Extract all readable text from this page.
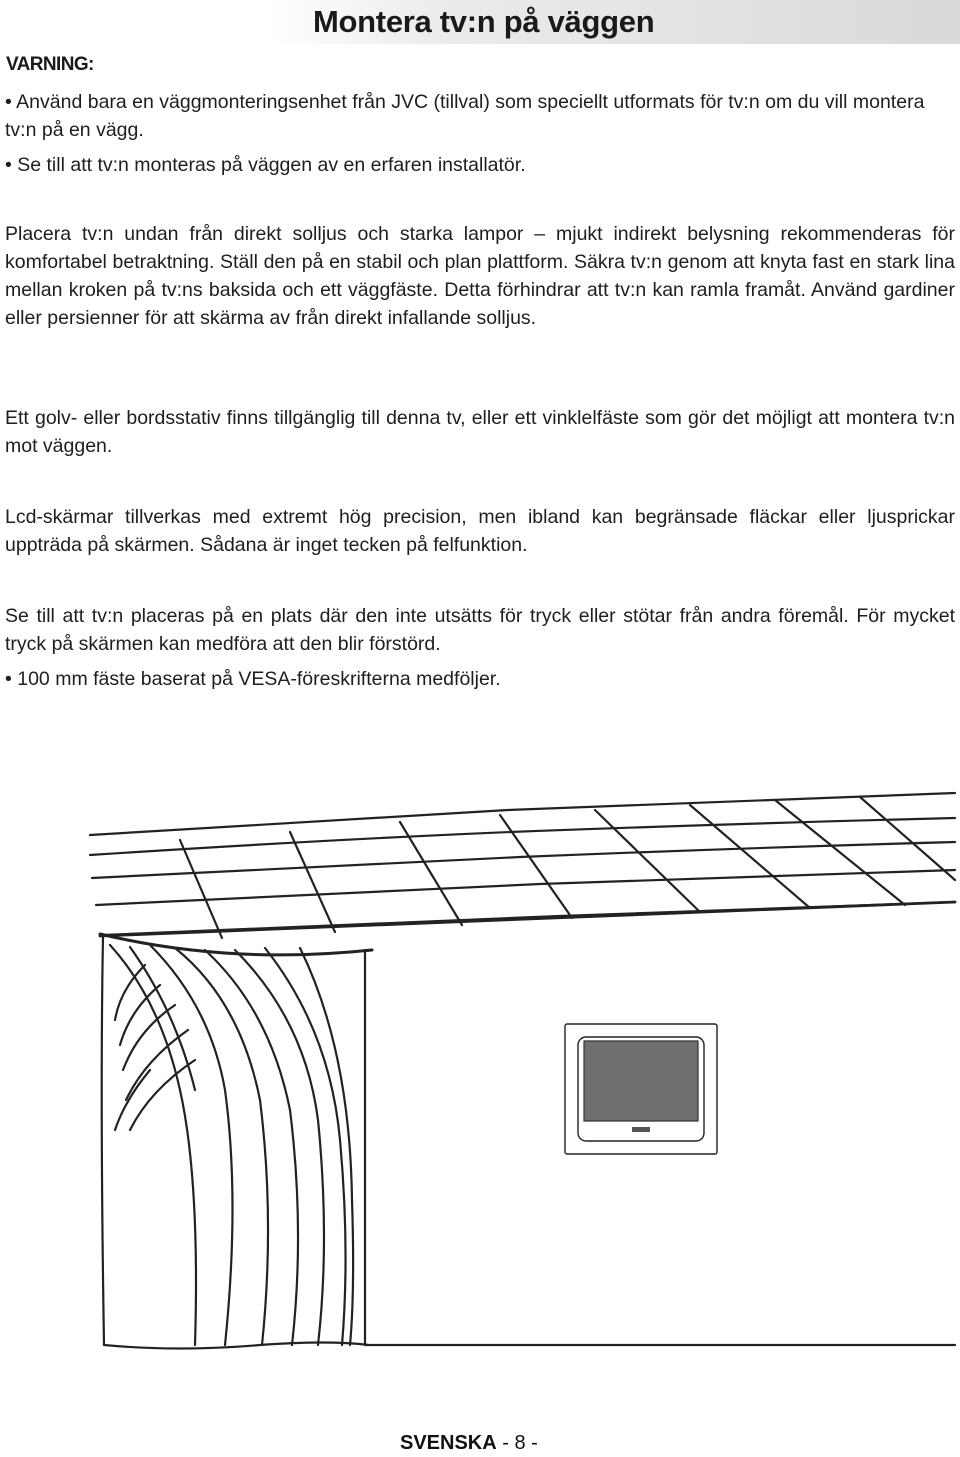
Montera tv:n på väggen

VARNING:

• Använd bara en väggmonteringsenhet från JVC (tillval) som speciellt utformats för tv:n om du vill montera tv:n på en vägg.

• Se till att tv:n monteras på väggen av en erfaren installatör.

Placera tv:n undan från direkt solljus och starka lampor – mjukt indirekt belysning rekommenderas för komfortabel betraktning. Ställ den på en stabil och plan plattform. Säkra tv:n genom att knyta fast en stark lina mellan kroken på tv:ns baksida och ett väggfäste. Detta förhindrar att tv:n kan ramla framåt. Använd gardiner eller persienner för att skärma av från direkt infallande solljus.

Ett golv- eller bordsstativ finns tillgänglig till denna tv, eller ett vinklelfäste som gör det möjligt att montera tv:n mot väggen.

Lcd-skärmar tillverkas med extremt hög precision, men ibland kan begränsade fläckar eller ljusprickar uppträda på skärmen. Sådana är inget tecken på felfunktion.

Se till att tv:n placeras på en plats där den inte utsätts för tryck eller stötar från andra föremål. För mycket tryck på skärmen kan medföra att den blir förstörd.

• 100 mm fäste baserat på VESA-föreskrifterna medföljer.

SVENSKA - 8 -
